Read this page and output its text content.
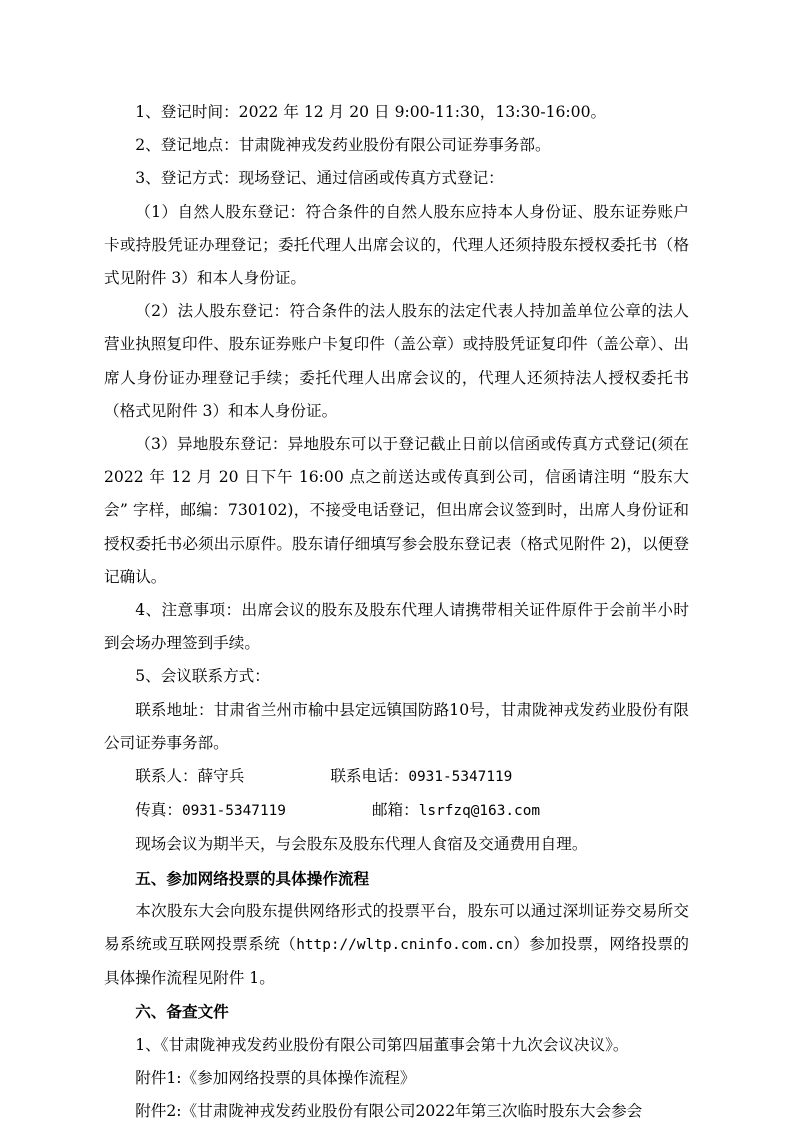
1、登记时间：2022 年 12 月 20 日 9:00-11:30，13:30-16:00。

2、登记地点：甘肃陇神戎发药业股份有限公司证券事务部。

3、登记方式：现场登记、通过信函或传真方式登记：

（1）自然人股东登记：符合条件的自然人股东应持本人身份证、股东证券账户卡或持股凭证办理登记；委托代理人出席会议的，代理人还须持股东授权委托书（格式见附件 3）和本人身份证。

（2）法人股东登记：符合条件的法人股东的法定代表人持加盖单位公章的法人营业执照复印件、股东证券账户卡复印件（盖公章）或持股凭证复印件（盖公章）、出席人身份证办理登记手续；委托代理人出席会议的，代理人还须持法人授权委托书（格式见附件 3）和本人身份证。

（3）异地股东登记：异地股东可以于登记截止日前以信函或传真方式登记(须在 2022 年 12 月 20 日下午 16:00 点之前送达或传真到公司，信函请注明 “股东大会” 字样，邮编：730102)，不接受电话登记，但出席会议签到时，出席人身份证和授权委托书必须出示原件。股东请仔细填写参会股东登记表（格式见附件 2)，以便登记确认。

4、注意事项：出席会议的股东及股东代理人请携带相关证件原件于会前半小时到会场办理签到手续。

5、会议联系方式：

联系地址：甘肃省兰州市榆中县定远镇国防路10号，甘肃陇神戎发药业股份有限公司证券事务部。

联系人：薛守兵	联系电话：0931-5347119

传真：0931-5347119	邮箱：lsrfzq@163.com

现场会议为期半天，与会股东及股东代理人食宿及交通费用自理。

五、参加网络投票的具体操作流程

本次股东大会向股东提供网络形式的投票平台，股东可以通过深圳证券交易所交易系统或互联网投票系统（http://wltp.cninfo.com.cn）参加投票，网络投票的具体操作流程见附件 1。

六、备查文件

1、《甘肃陇神戎发药业股份有限公司第四届董事会第十九次会议决议》。

附件1:《参加网络投票的具体操作流程》

附件2:《甘肃陇神戎发药业股份有限公司2022年第三次临时股东大会参会
